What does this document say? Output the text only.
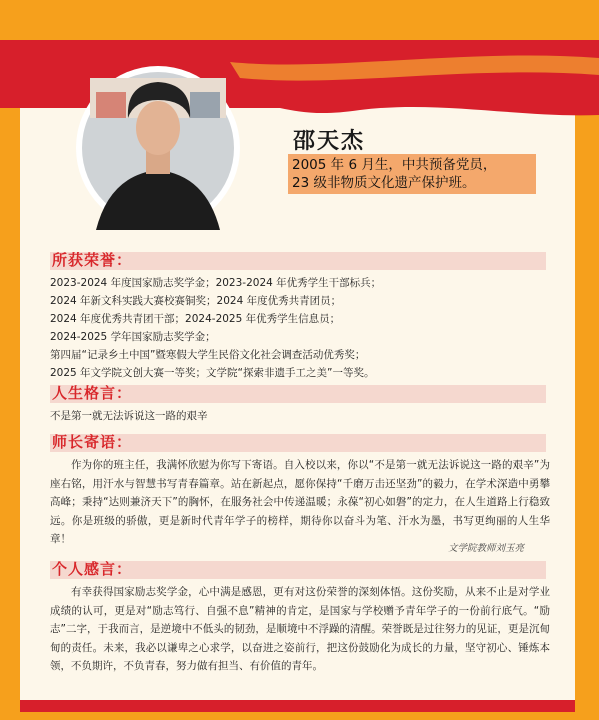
邵天杰
2005 年 6 月生，中共预备党员，
23 级非物质文化遗产保护班。
所获荣誉：
2023-2024 年度国家励志奖学金；2023-2024 年优秀学生干部标兵；
2024 年新文科实践大赛校赛铜奖；2024 年度优秀共青团员；
2024 年度优秀共青团干部；2024-2025 年优秀学生信息员；
2024-2025 学年国家励志奖学金；
第四届“记录乡土中国”暨寒假大学生民俗文化社会调查活动优秀奖；
2025 年文学院文创大赛一等奖；文学院“探索非遗手工之美”一等奖。
人生格言：
不是第一就无法诉说这一路的艰辛
师长寄语：
作为你的班主任，我满怀欣慰为你写下寄语。自入校以来，你以“不是第一就无法诉说这一路的艰辛”为座右铭，用汗水与智慧书写青春篇章。站在新起点，愿你保持“千磨万击还坚劲”的毅力，在学术深造中勇攀高峰；秉持“达则兼济天下”的胸怀，在服务社会中传递温暖；永葆“初心如磐”的定力，在人生道路上行稳致远。你是班级的骄傲，更是新时代青年学子的榜样，期待你以奋斗为笔、汗水为墨，书写更绚丽的人生华章！
文学院教师刘玉亮
个人感言：
有幸获得国家励志奖学金，心中满是感恩，更有对这份荣誉的深刻体悟。这份奖励，从来不止是对学业成绩的认可，更是对“励志笃行、自强不息”精神的肯定，是国家与学校赠予青年学子的一份前行底气。“励志”二字，于我而言，是逆境中不低头的韧劲，是顺境中不浮躁的清醒。荣誉既是过往努力的见证，更是沉甸甸的责任。未来，我必以谦卑之心求学，以奋进之姿前行，把这份鼓励化为成长的力量，坚守初心、锤炼本领，不负期许，不负青春，努力做有担当、有价值的青年。
